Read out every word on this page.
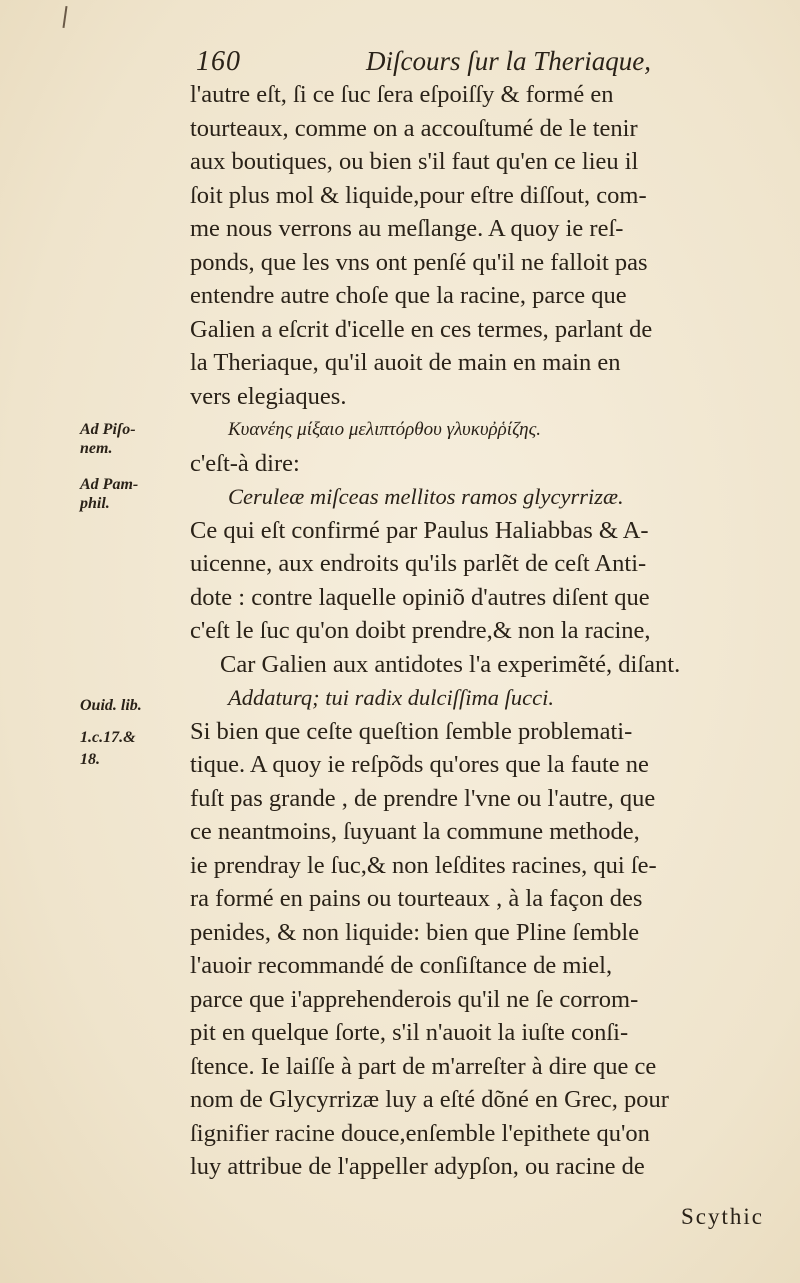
160	Diſcours ſur la Theriaque,
Ad Piſo-
nem.
Ad Pam-
phil.
Ouid. lib.
1.c.17.&
18.
l'autre eſt, ſi ce ſuc ſera eſpoiſſy & formé en
tourteaux, comme on a accouſtumé de le tenir
aux boutiques, ou bien s'il faut qu'en ce lieu il
ſoit plus mol & liquide,pour eſtre diſſout, com-
me nous verrons au meſlange. A quoy ie reſ-
ponds, que les vns ont penſé qu'il ne falloit pas
entendre autre choſe que la racine, parce que
Galien a eſcrit d'icelle en ces termes, parlant de
la Theriaque, qu'il auoit de main en main en
vers elegiaques.
Κυανέης μίξαιο μελιπτόρθου γλυκυῤῥίζης.
c'eſt-à dire:
Ceruleæ miſceas mellitos ramos glycyrrizæ.
Ce qui eſt confirmé par Paulus Haliabbas & A-
uicenne, aux endroits qu'ils parlẽt de ceſt Anti-
dote : contre laquelle opiniõ d'autres diſent que
c'eſt le ſuc qu'on doibt prendre,& non la racine,
Car Galien aux antidotes l'a experimẽté, diſant.
Addaturq; tui radix dulciſſima ſucci.
Si bien que ceſte queſtion ſemble problemati-
tique. A quoy ie reſpõds qu'ores que la faute ne
fuſt pas grande , de prendre l'vne ou l'autre, que
ce neantmoins, ſuyuant la commune methode,
ie prendray le ſuc,& non leſdites racines, qui ſe-
ra formé en pains ou tourteaux , à la façon des
penides, & non liquide: bien que Pline ſemble
l'auoir recommandé de conſiſtance de miel,
parce que i'apprehenderois qu'il ne ſe corrom-
pit en quelque ſorte, s'il n'auoit la iuſte conſi-
ſtence. Ie laiſſe à part de m'arreſter à dire que ce
nom de Glycyrrizæ luy a eſté dõné en Grec, pour
ſignifier racine douce,enſemble l'epithete qu'on
luy attribue de l'appeller adypſon, ou racine de
Scythic
